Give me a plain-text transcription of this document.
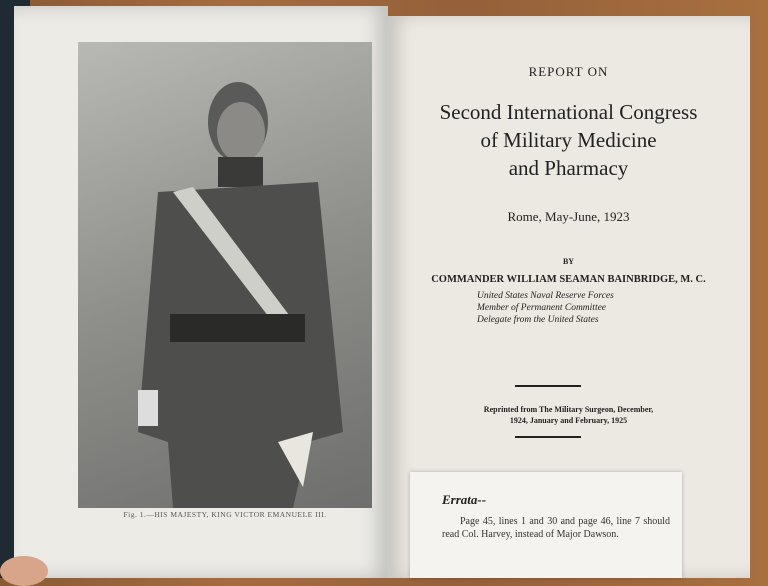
Fig. 1.—HIS MAJESTY, KING VICTOR EMANUELE III.
REPORT ON
Second International Congress
of Military Medicine
and Pharmacy
Rome, May-June, 1923
BY
COMMANDER WILLIAM SEAMAN BAINBRIDGE, M. C.
United States Naval Reserve Forces
Member of Permanent Committee
Delegate from the United States
Reprinted from The Military Surgeon, December,
1924, January and February, 1925
Errata--
Page 45, lines 1 and 30 and page 46, line 7 should read Col. Harvey, instead of Major Dawson.
